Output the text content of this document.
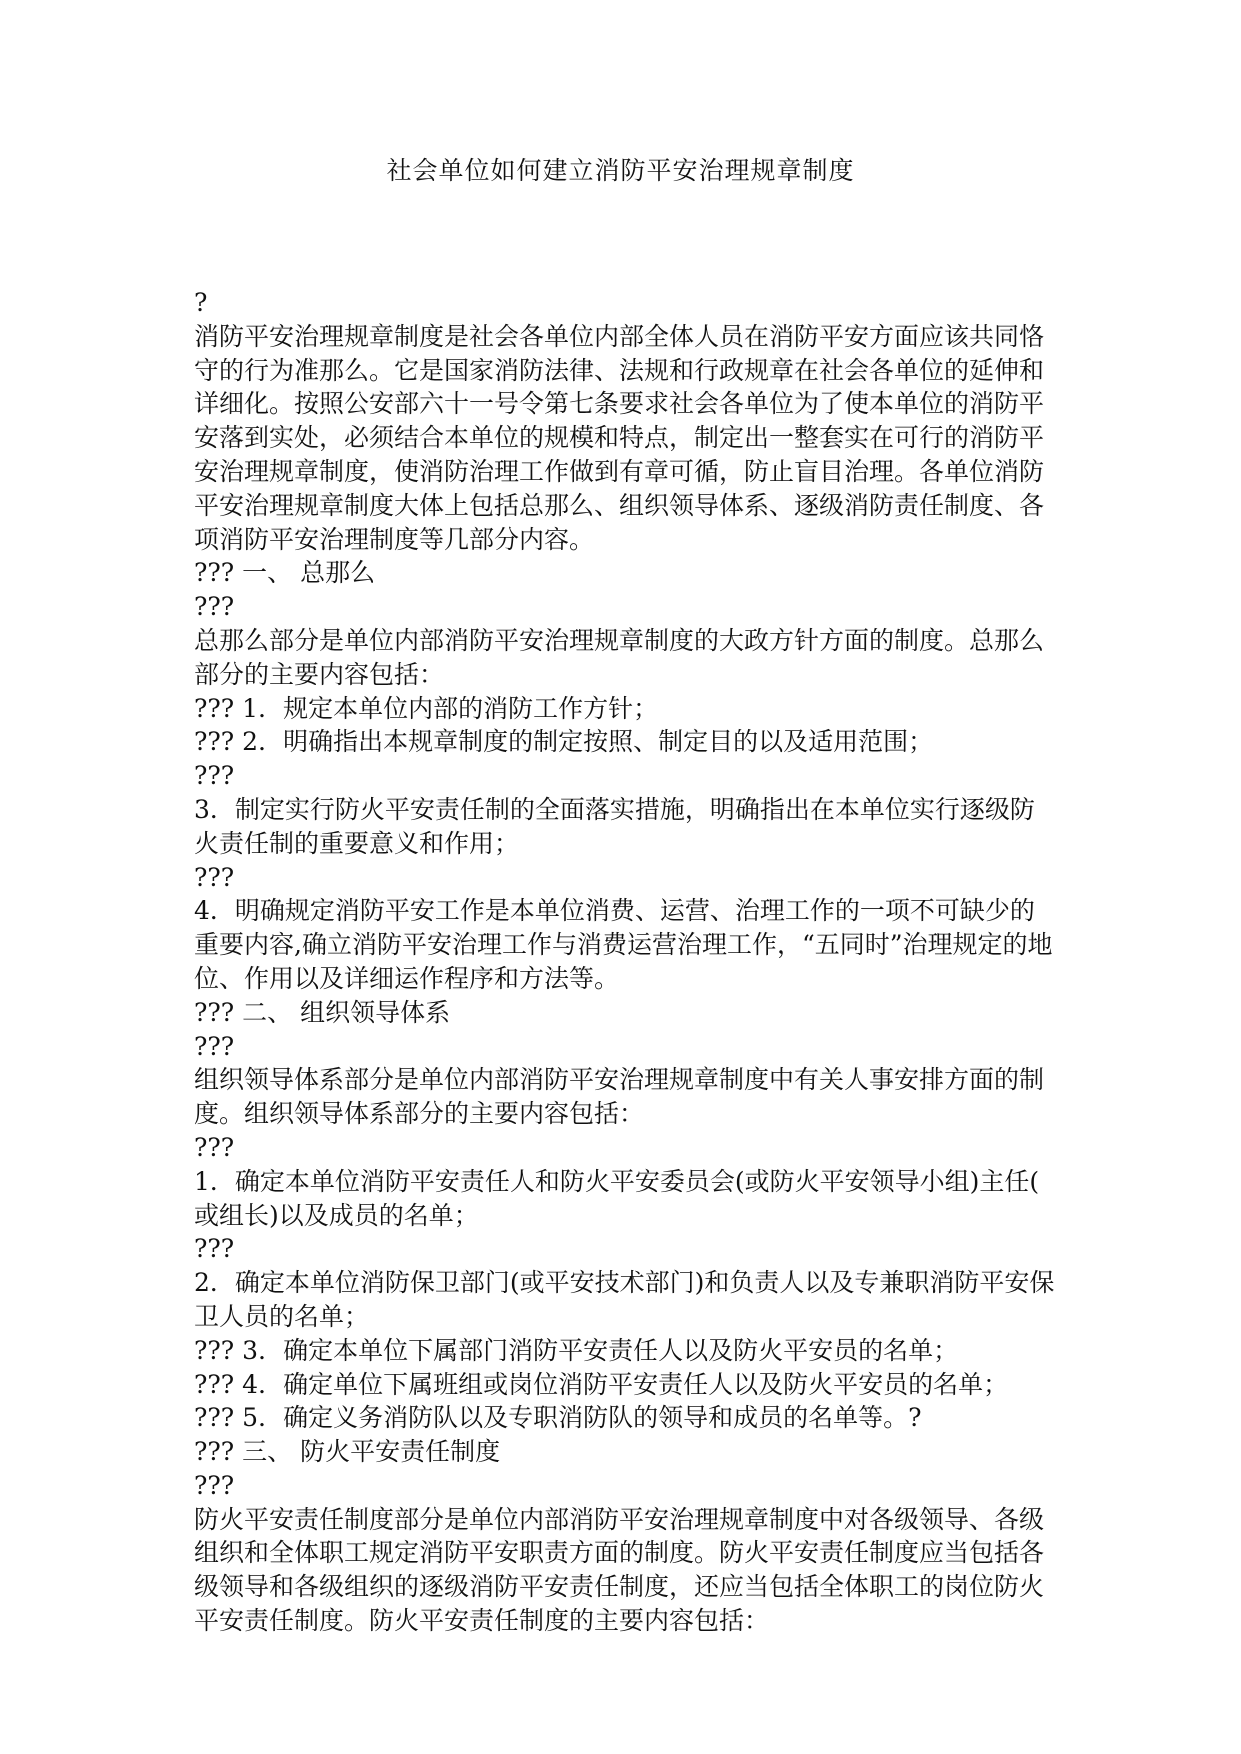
社会单位如何建立消防平安治理规章制度
?
消防平安治理规章制度是社会各单位内部全体人员在消防平安方面应该共同恪
守的行为准那么。它是国家消防法律、法规和行政规章在社会各单位的延伸和
详细化。按照公安部六十一号令第七条要求社会各单位为了使本单位的消防平
安落到实处，必须结合本单位的规模和特点，制定出一整套实在可行的消防平
安治理规章制度，使消防治理工作做到有章可循，防止盲目治理。各单位消防
平安治理规章制度大体上包括总那么、组织领导体系、逐级消防责任制度、各
项消防平安治理制度等几部分内容。
??? 一、 总那么
???
总那么部分是单位内部消防平安治理规章制度的大政方针方面的制度。总那么
部分的主要内容包括：
??? 1．规定本单位内部的消防工作方针；
??? 2．明确指出本规章制度的制定按照、制定目的以及适用范围；
???
3．制定实行防火平安责任制的全面落实措施，明确指出在本单位实行逐级防
火责任制的重要意义和作用；
???
4．明确规定消防平安工作是本单位消费、运营、治理工作的一项不可缺少的
重要内容,确立消防平安治理工作与消费运营治理工作，“五同时”治理规定的地
位、作用以及详细运作程序和方法等。
??? 二、 组织领导体系
???
组织领导体系部分是单位内部消防平安治理规章制度中有关人事安排方面的制
度。组织领导体系部分的主要内容包括：
???
1．确定本单位消防平安责任人和防火平安委员会(或防火平安领导小组)主任(
或组长)以及成员的名单；
???
2．确定本单位消防保卫部门(或平安技术部门)和负责人以及专兼职消防平安保
卫人员的名单；
??? 3．确定本单位下属部门消防平安责任人以及防火平安员的名单；
??? 4．确定单位下属班组或岗位消防平安责任人以及防火平安员的名单；
??? 5．确定义务消防队以及专职消防队的领导和成员的名单等。?
??? 三、 防火平安责任制度
???
防火平安责任制度部分是单位内部消防平安治理规章制度中对各级领导、各级
组织和全体职工规定消防平安职责方面的制度。防火平安责任制度应当包括各
级领导和各级组织的逐级消防平安责任制度，还应当包括全体职工的岗位防火
平安责任制度。防火平安责任制度的主要内容包括：
